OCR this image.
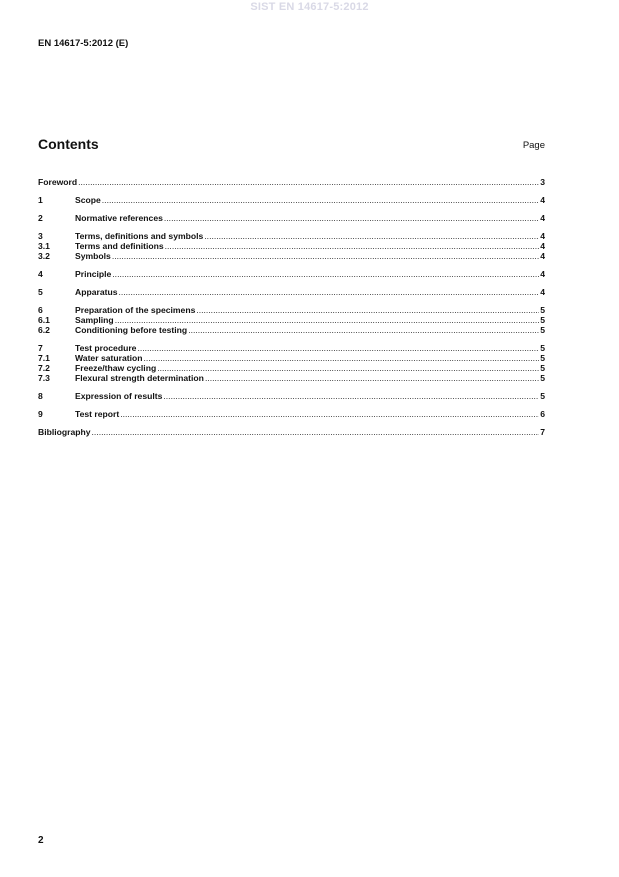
SIST EN 14617-5:2012
EN 14617-5:2012 (E)
Contents	Page
Foreword .....	3
1	Scope .....	4
2	Normative references .....	4
3	Terms, definitions and symbols .....	4
3.1	Terms and definitions .....	4
3.2	Symbols .....	4
4	Principle .....	4
5	Apparatus .....	4
6	Preparation of the specimens .....	5
6.1	Sampling .....	5
6.2	Conditioning before testing .....	5
7	Test procedure .....	5
7.1	Water saturation .....	5
7.2	Freeze/thaw cycling .....	5
7.3	Flexural strength determination .....	5
8	Expression of results .....	5
9	Test report .....	6
Bibliography .....	7
2
